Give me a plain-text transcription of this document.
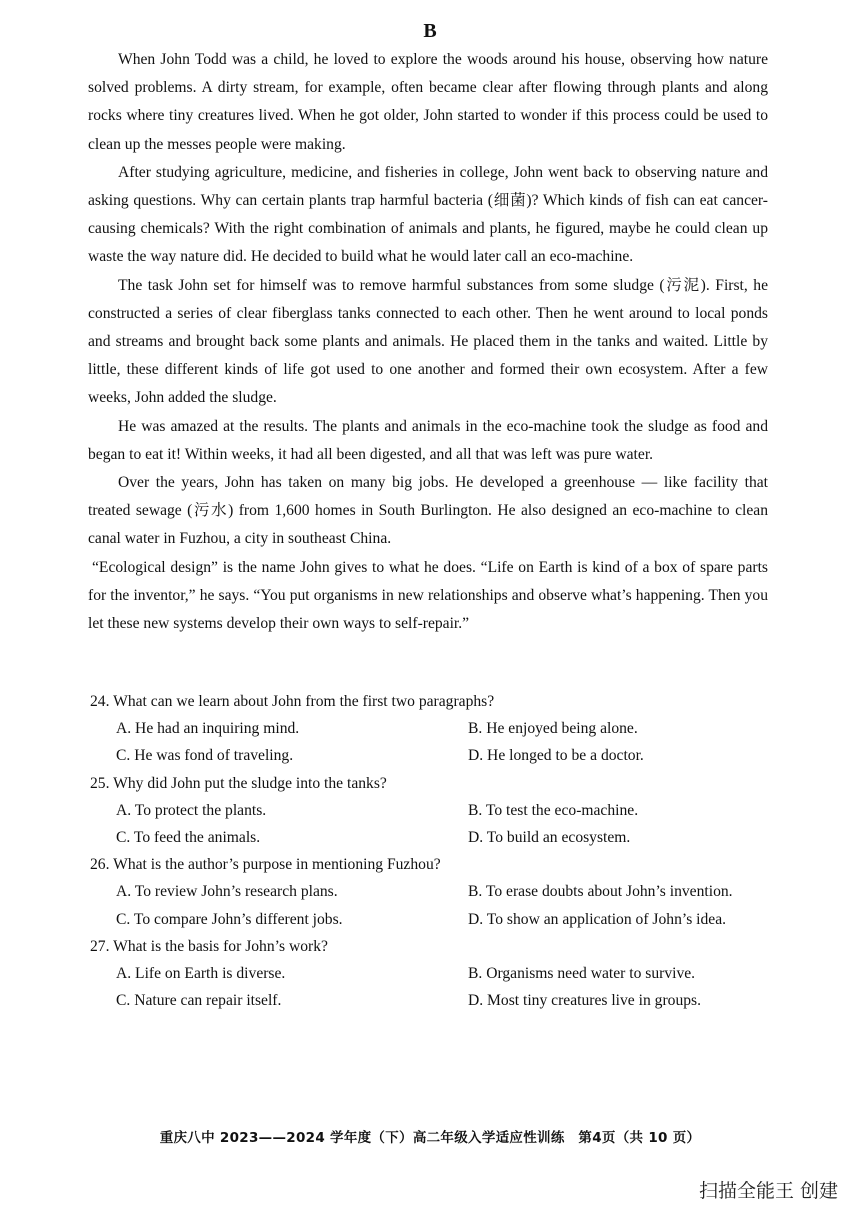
B

When John Todd was a child, he loved to explore the woods around his house, observing how nature solved problems. A dirty stream, for example, often became clear after flowing through plants and along rocks where tiny creatures lived. When he got older, John started to wonder if this process could be used to clean up the messes people were making.

After studying agriculture, medicine, and fisheries in college, John went back to observing nature and asking questions. Why can certain plants trap harmful bacteria (细菌)? Which kinds of fish can eat cancer-causing chemicals? With the right combination of animals and plants, he figured, maybe he could clean up waste the way nature did. He decided to build what he would later call an eco-machine.

The task John set for himself was to remove harmful substances from some sludge (污泥). First, he constructed a series of clear fiberglass tanks connected to each other. Then he went around to local ponds and streams and brought back some plants and animals. He placed them in the tanks and waited. Little by little, these different kinds of life got used to one another and formed their own ecosystem. After a few weeks, John added the sludge.

He was amazed at the results. The plants and animals in the eco-machine took the sludge as food and began to eat it! Within weeks, it had all been digested, and all that was left was pure water.

Over the years, John has taken on many big jobs. He developed a greenhouse — like facility that treated sewage (污水) from 1,600 homes in South Burlington. He also designed an eco-machine to clean canal water in Fuzhou, a city in southeast China.

“Ecological design” is the name John gives to what he does. “Life on Earth is kind of a box of spare parts for the inventor,” he says. “You put organisms in new relationships and observe what’s happening. Then you let these new systems develop their own ways to self-repair.”

24. What can we learn about John from the first two paragraphs?

A. He had an inquiring mind.	B. He enjoyed being alone.
C. He was fond of traveling.	D. He longed to be a doctor.

25. Why did John put the sludge into the tanks?

A. To protect the plants.	B. To test the eco-machine.
C. To feed the animals.	D. To build an ecosystem.

26. What is the author’s purpose in mentioning Fuzhou?

A. To review John’s research plans.	B. To erase doubts about John’s invention.
C. To compare John’s different jobs.	D. To show an application of John’s idea.

27. What is the basis for John’s work?

A. Life on Earth is diverse.	B. Organisms need water to survive.
C. Nature can repair itself.	D. Most tiny creatures live in groups.
重庆八中 2023——2024 学年度（下）高二年级入学适应性训练　第4页（共 10 页）
扫描全能王 创建
